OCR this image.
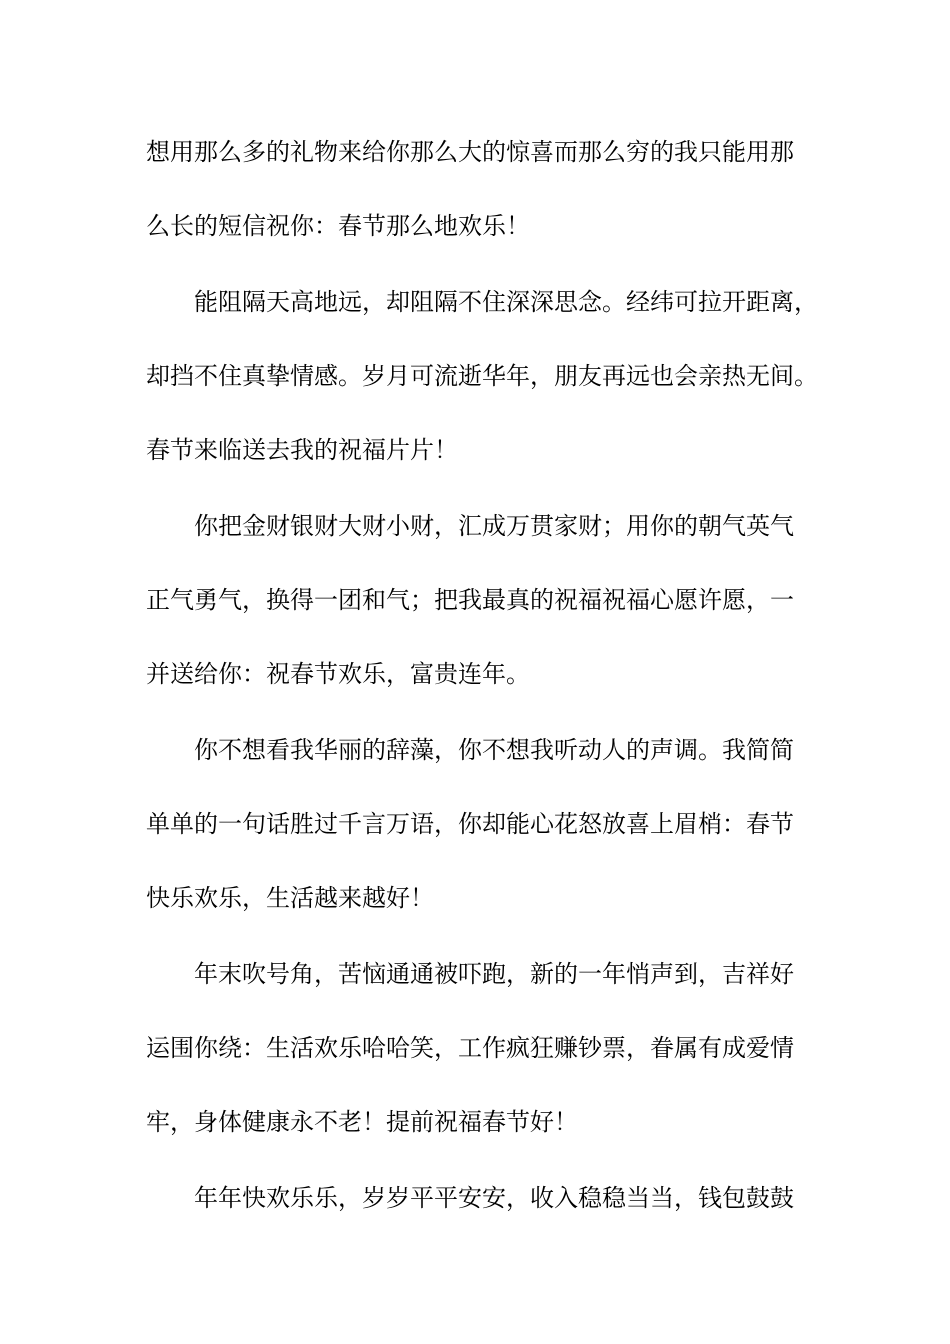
想用那么多的礼物来给你那么大的惊喜而那么穷的我只能用那

么长的短信祝你：春节那么地欢乐！

能阻隔天高地远，却阻隔不住深深思念。经纬可拉开距离，

却挡不住真挚情感。岁月可流逝华年，朋友再远也会亲热无间。

春节来临送去我的祝福片片！

你把金财银财大财小财，汇成万贯家财；用你的朝气英气

正气勇气，换得一团和气；把我最真的祝福祝福心愿许愿，一

并送给你：祝春节欢乐，富贵连年。

你不想看我华丽的辞藻，你不想我听动人的声调。我简简

单单的一句话胜过千言万语，你却能心花怒放喜上眉梢：春节

快乐欢乐，生活越来越好！

年末吹号角，苦恼通通被吓跑，新的一年悄声到，吉祥好

运围你绕：生活欢乐哈哈笑，工作疯狂赚钞票，眷属有成爱情

牢，身体健康永不老！提前祝福春节好！

年年快欢乐乐，岁岁平平安安，收入稳稳当当，钱包鼓鼓
